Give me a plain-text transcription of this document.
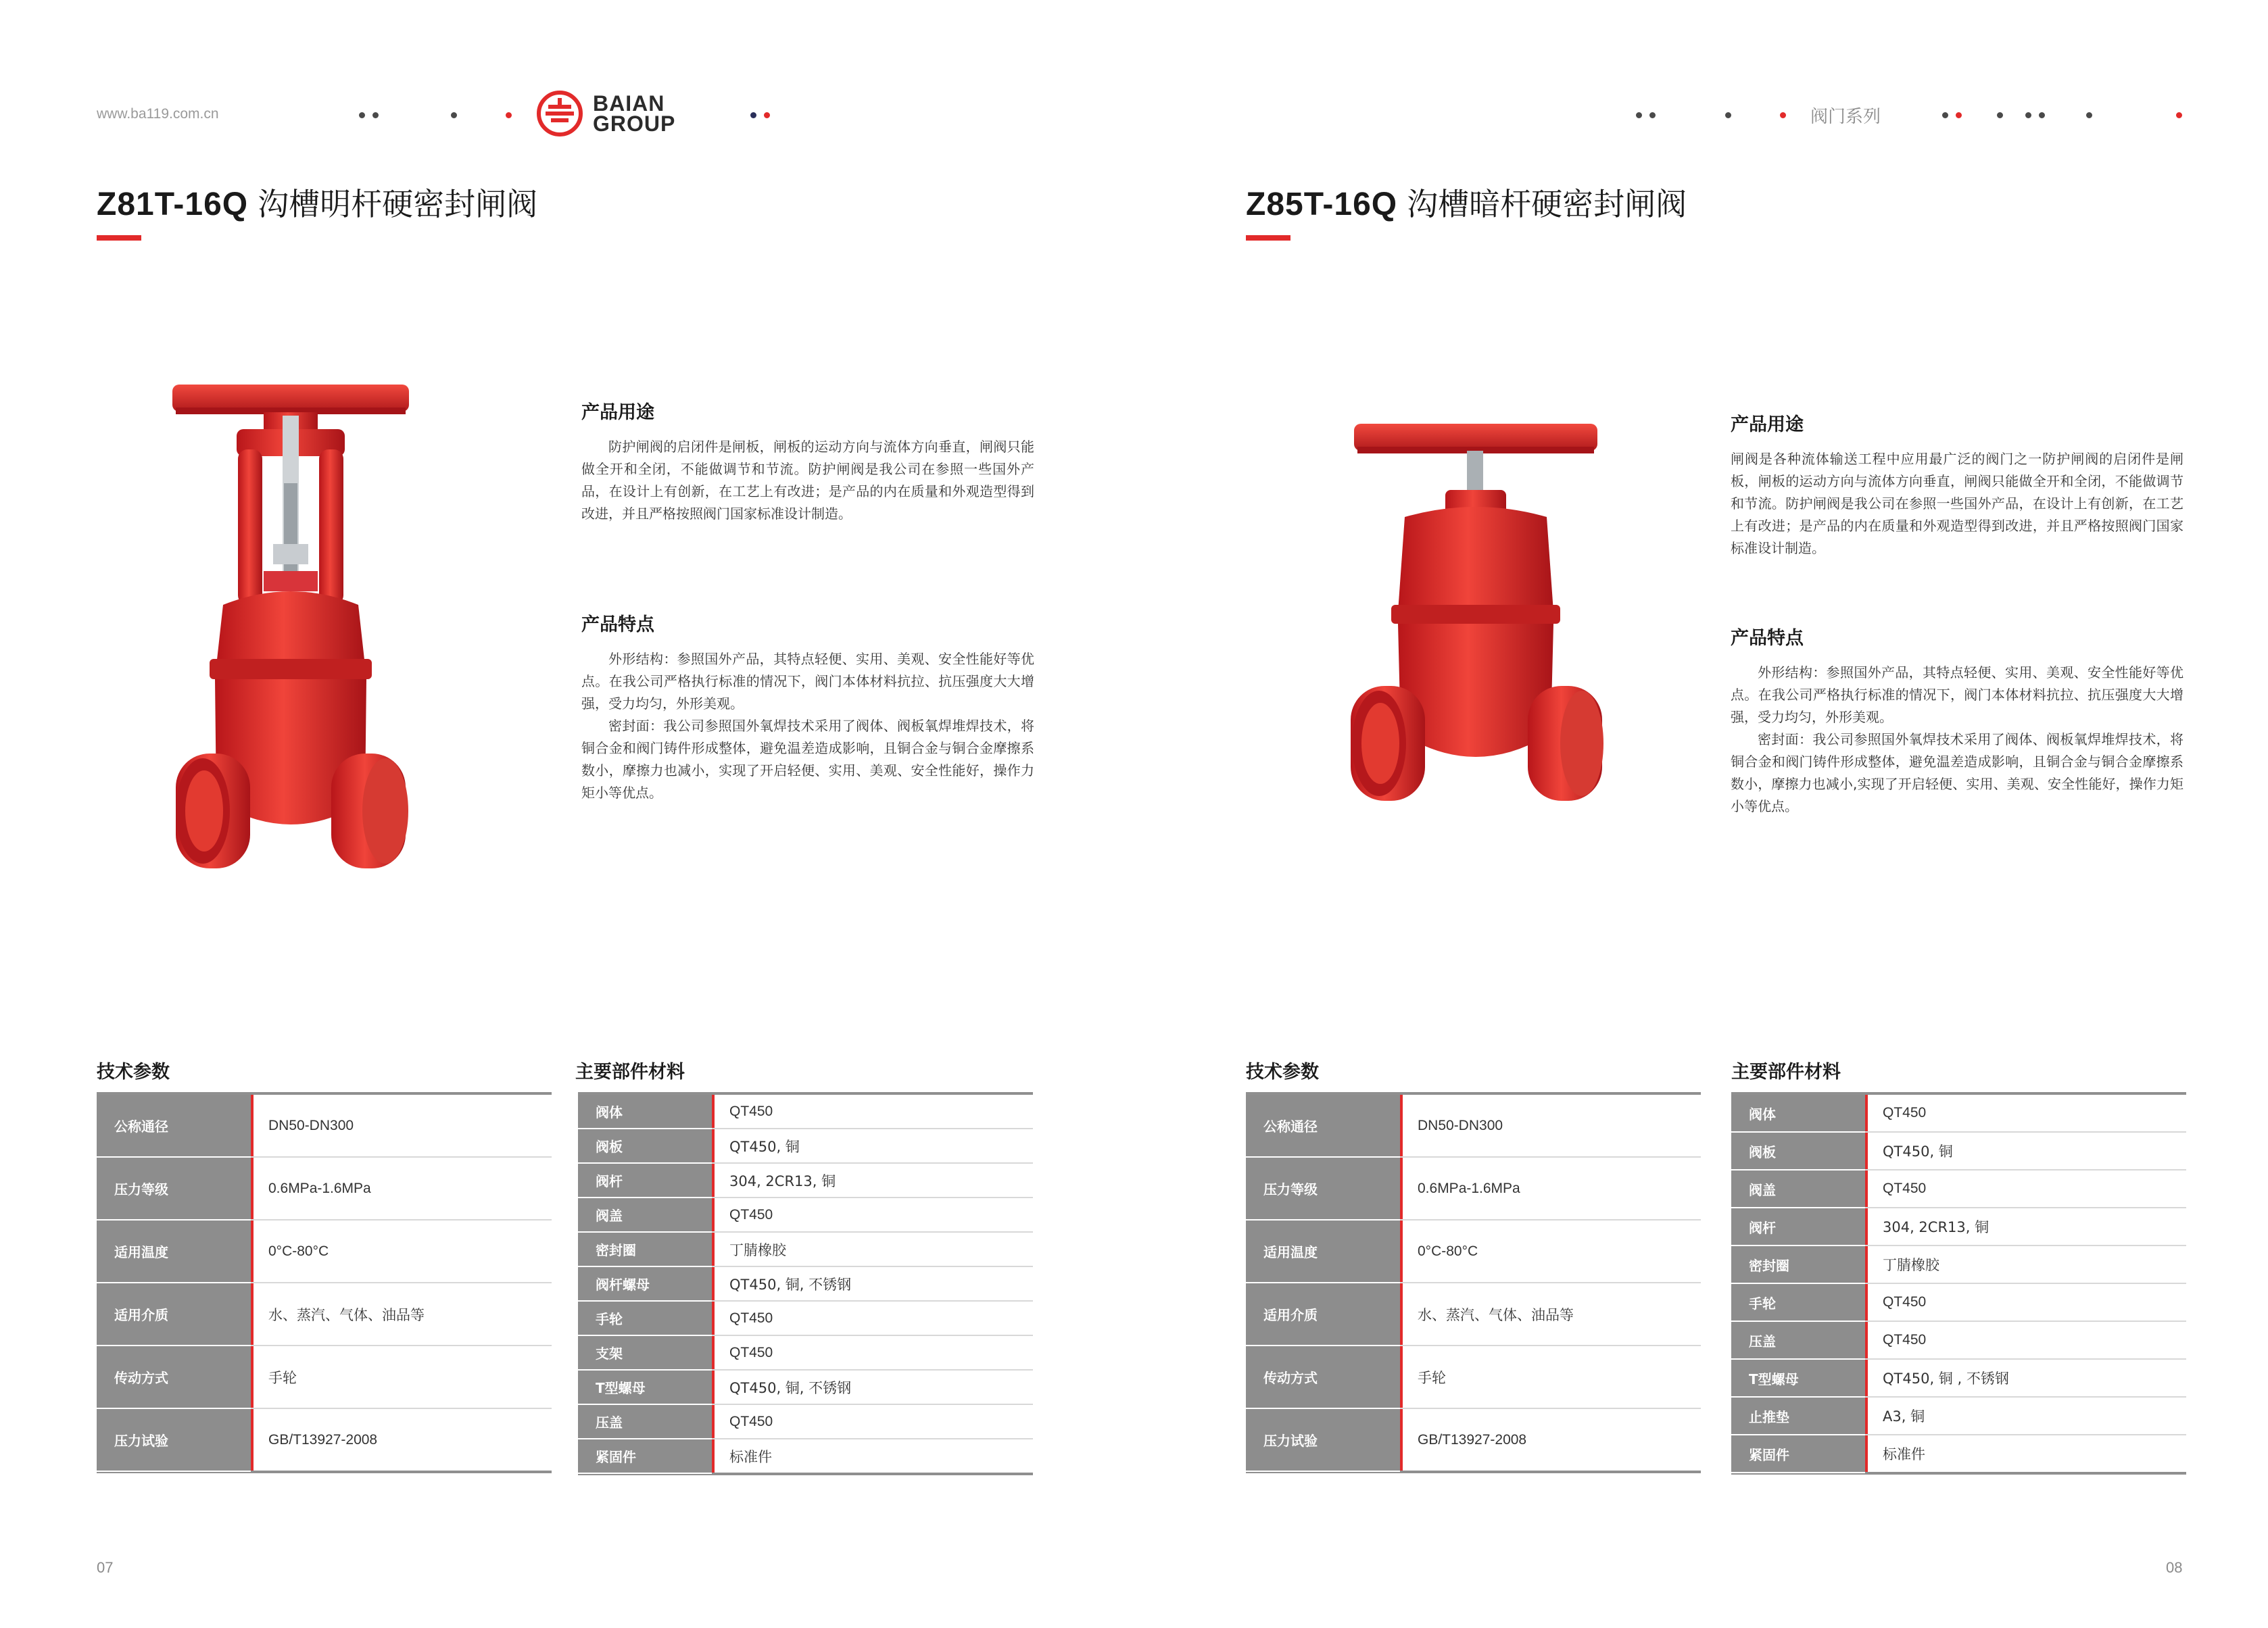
www.ba119.com.cn	BAIAN
GROUP
Z81T-16Q 沟槽明杆硬密封闸阀
产品用途

防护闸阀的启闭件是闸板，闸板的运动方向与流体方向垂直，闸阀只能做全开和全闭，不能做调节和节流。防护闸阀是我公司在参照一些国外产品，在设计上有创新，在工艺上有改进；是产品的内在质量和外观造型得到改进，并且严格按照阀门国家标准设计制造。

产品特点

外形结构：参照国外产品，其特点轻便、实用、美观、安全性能好等优点。在我公司严格执行标准的情况下，阀门本体材料抗拉、抗压强度大大增强，受力均匀，外形美观。

密封面：我公司参照国外氧焊技术采用了阀体、阀板氧焊堆焊技术，将铜合金和阀门铸件形成整体，避免温差造成影响，且铜合金与铜合金摩擦系数小，摩擦力也减小，实现了开启轻便、实用、美观、安全性能好，操作力矩小等优点。

技术参数
公称通径	DN50-DN300
压力等级	0.6MPa-1.6MPa
适用温度	0°C-80°C
适用介质	水、蒸汽、气体、油品等
传动方式	手轮
压力试验	GB/T13927-2008
主要部件材料
阀体	QT450
阀板	QT450, 铜
阀杆	304, 2CR13, 铜
阀盖	QT450
密封圈	丁腈橡胶
阀杆螺母	QT450, 铜, 不锈钢
手轮	QT450
支架	QT450
T型螺母	QT450, 铜, 不锈钢
压盖	QT450
紧固件	标准件
07
阀门系列
Z85T-16Q 沟槽暗杆硬密封闸阀
产品用途

闸阀是各种流体输送工程中应用最广泛的阀门之一防护闸阀的启闭件是闸板，闸板的运动方向与流体方向垂直，闸阀只能做全开和全闭，不能做调节和节流。防护闸阀是我公司在参照一些国外产品，在设计上有创新，在工艺上有改进；是产品的内在质量和外观造型得到改进，并且严格按照阀门国家标准设计制造。

产品特点

外形结构：参照国外产品，其特点轻便、实用、美观、安全性能好等优点。在我公司严格执行标准的情况下，阀门本体材料抗拉、抗压强度大大增强，受力均匀，外形美观。

密封面：我公司参照国外氧焊技术采用了阀体、阀板氧焊堆焊技术，将铜合金和阀门铸件形成整体，避免温差造成影响，且铜合金与铜合金摩擦系数小，摩擦力也减小,实现了开启轻便、实用、美观、安全性能好，操作力矩小等优点。

技术参数
公称通径	DN50-DN300
压力等级	0.6MPa-1.6MPa
适用温度	0°C-80°C
适用介质	水、蒸汽、气体、油品等
传动方式	手轮
压力试验	GB/T13927-2008
主要部件材料
阀体	QT450
阀板	QT450, 铜
阀盖	QT450
阀杆	304, 2CR13, 铜
密封圈	丁腈橡胶
手轮	QT450
压盖	QT450
T型螺母	QT450, 铜 , 不锈钢
止推垫	A3, 铜
紧固件	标准件
08
